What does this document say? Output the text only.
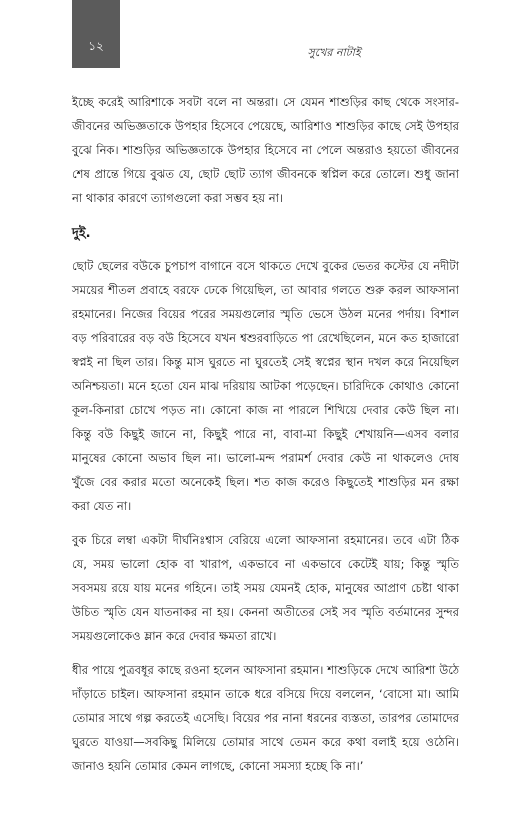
১২	সুখের নাটাই

ইচ্ছে করেই আরিশাকে সবটা বলে না অন্তরা। সে যেমন শাশুড়ির কাছ থেকে সংসার-জীবনের অভিজ্ঞতাকে উপহার হিসেবে পেয়েছে, আরিশাও শাশুড়ির কাছে সেই উপহার বুঝে নিক। শাশুড়ির অভিজ্ঞতাকে উপহার হিসেবে না পেলে অন্তরাও হয়তো জীবনের শেষ প্রান্তে গিয়ে বুঝত যে, ছোট ছোট ত্যাগ জীবনকে স্বপ্নিল করে তোলে। শুধু জানা না থাকার কারণে ত্যাগগুলো করা সম্ভব হয় না।

দুই.

ছোট ছেলের বউকে চুপচাপ বাগানে বসে থাকতে দেখে বুকের ভেতর কস্টের যে নদীটা সময়ের শীতল প্রবাহে বরফে ঢেকে গিয়েছিল, তা আবার গলতে শুরু করল আফসানা রহমানের। নিজের বিয়ের পরের সময়গুলোর স্মৃতি ভেসে উঠল মনের পর্দায়। বিশাল বড় পরিবারের বড় বউ হিসেবে যখন শ্বশুরবাড়িতে পা রেখেছিলেন, মনে কত হাজারো স্বপ্নই না ছিল তার। কিন্তু মাস ঘুরতে না ঘুরতেই সেই স্বপ্নের স্থান দখল করে নিয়েছিল অনিশ্চয়তা। মনে হতো যেন মাঝ দরিয়ায় আটকা পড়েছেন। চারিদিকে কোথাও কোনো কূল-কিনারা চোখে পড়ত না। কোনো কাজ না পারলে শিখিয়ে দেবার কেউ ছিল না। কিন্তু বউ কিছুই জানে না, কিছুই পারে না, বাবা-মা কিছুই শেখায়নি—এসব বলার মানুষের কোনো অভাব ছিল না। ভালো-মন্দ পরামর্শ দেবার কেউ না থাকলেও দোষ খুঁজে বের করার মতো অনেকেই ছিল। শত কাজ করেও কিছুতেই শাশুড়ির মন রক্ষা করা যেত না।

বুক চিরে লম্বা একটা দীর্ঘনিঃশ্বাস বেরিয়ে এলো আফসানা রহমানের। তবে এটা ঠিক যে, সময় ভালো হোক বা খারাপ, একভাবে না একভাবে কেটেই যায়; কিন্তু স্মৃতি সবসময় রয়ে যায় মনের গহিনে। তাই সময় যেমনই হোক, মানুষের আপ্রাণ চেষ্টা থাকা উচিত স্মৃতি যেন যাতনাকর না হয়। কেননা অতীতের সেই সব স্মৃতি বর্তমানের সুন্দর সময়গুলোকেও ম্লান করে দেবার ক্ষমতা রাখে।

ধীর পায়ে পুত্রবধূর কাছে রওনা হলেন আফসানা রহমান। শাশুড়িকে দেখে আরিশা উঠে দাঁড়াতে চাইল। আফসানা রহমান তাকে ধরে বসিয়ে দিয়ে বললেন, ‘বোসো মা। আমি তোমার সাথে গল্প করতেই এসেছি। বিয়ের পর নানা ধরনের ব্যস্ততা, তারপর তোমাদের ঘুরতে যাওয়া—সবকিছু মিলিয়ে তোমার সাথে তেমন করে কথা বলাই হয়ে ওঠেনি। জানাও হয়নি তোমার কেমন লাগছে, কোনো সমস্যা হচ্ছে কি না।’
